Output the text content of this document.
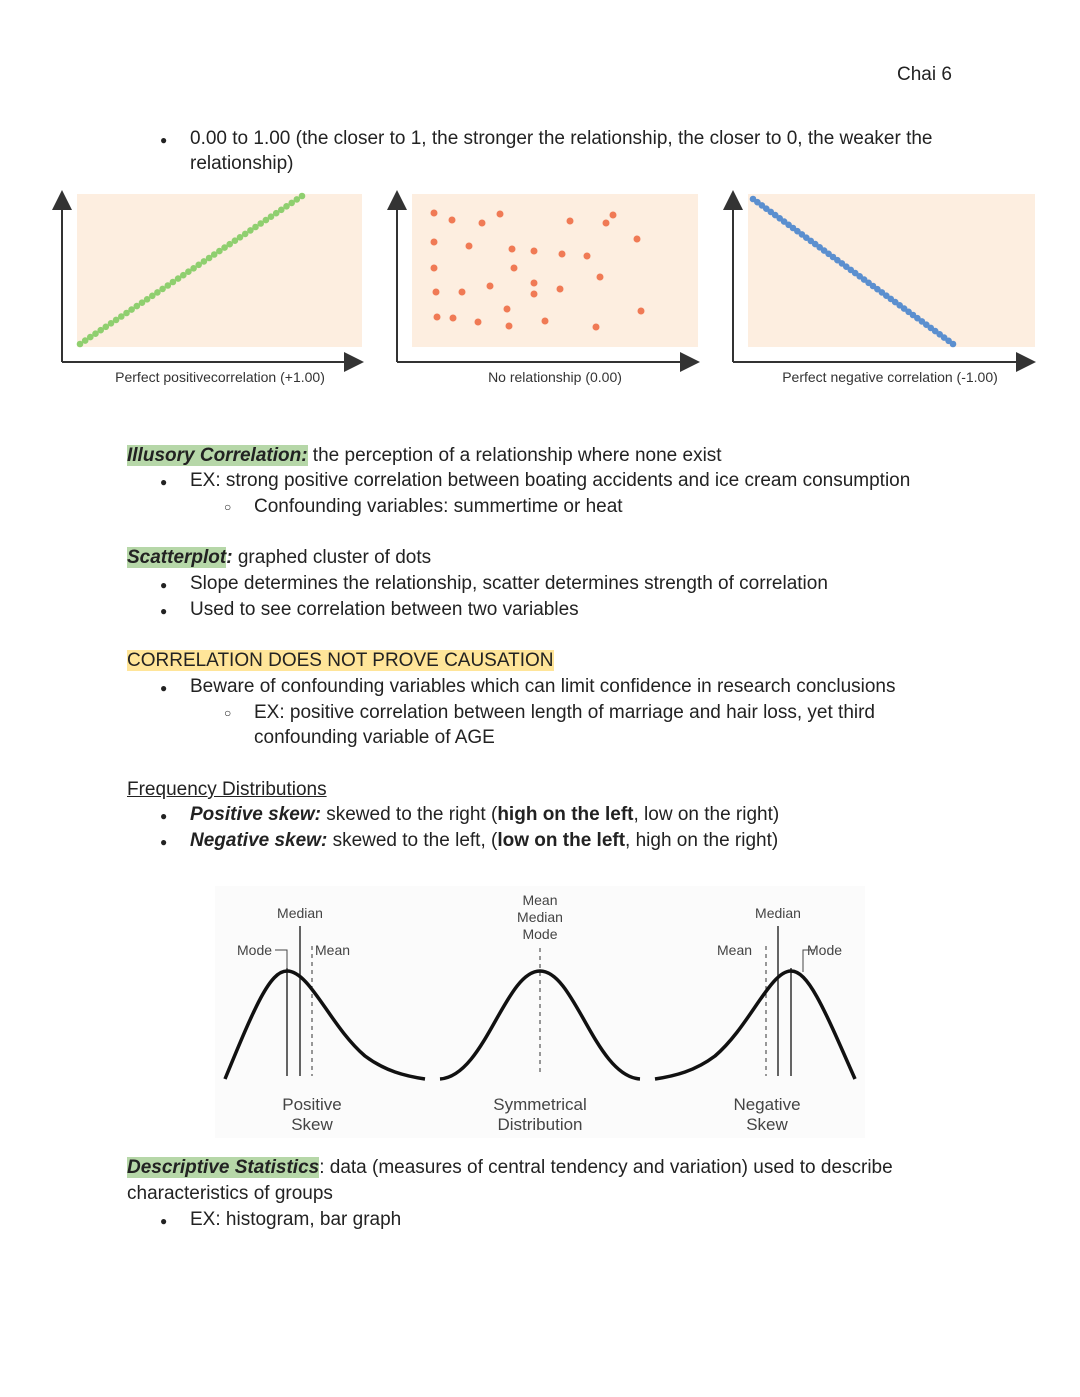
Chai 6
● 0.00 to 1.00 (the closer to 1, the stronger the relationship, the closer to 0, the weaker the
relationship)
Perfect positivecorrelation (+1.00)	No relationship (0.00)	Perfect negative correlation (-1.00)
Illusory Correlation: the perception of a relationship where none exist
● EX: strong positive correlation between boating accidents and ice cream consumption
○ Confounding variables: summertime or heat
Scatterplot: graphed cluster of dots
● Slope determines the relationship, scatter determines strength of correlation
● Used to see correlation between two variables
CORRELATION DOES NOT PROVE CAUSATION
● Beware of confounding variables which can limit confidence in research conclusions
○ EX: positive correlation between length of marriage and hair loss, yet third
confounding variable of AGE
Frequency Distributions
● Positive skew: skewed to the right (high on the left, low on the right)
● Negative skew: skewed to the left, (low on the left, high on the right)
Median
Mode	Mean
Positive
Skew
Mean
Median
Mode
Symmetrical
Distribution
Median
Mean	Mode
Negative
Skew
Descriptive Statistics: data (measures of central tendency and variation) used to describe
characteristics of groups
● EX: histogram, bar graph
